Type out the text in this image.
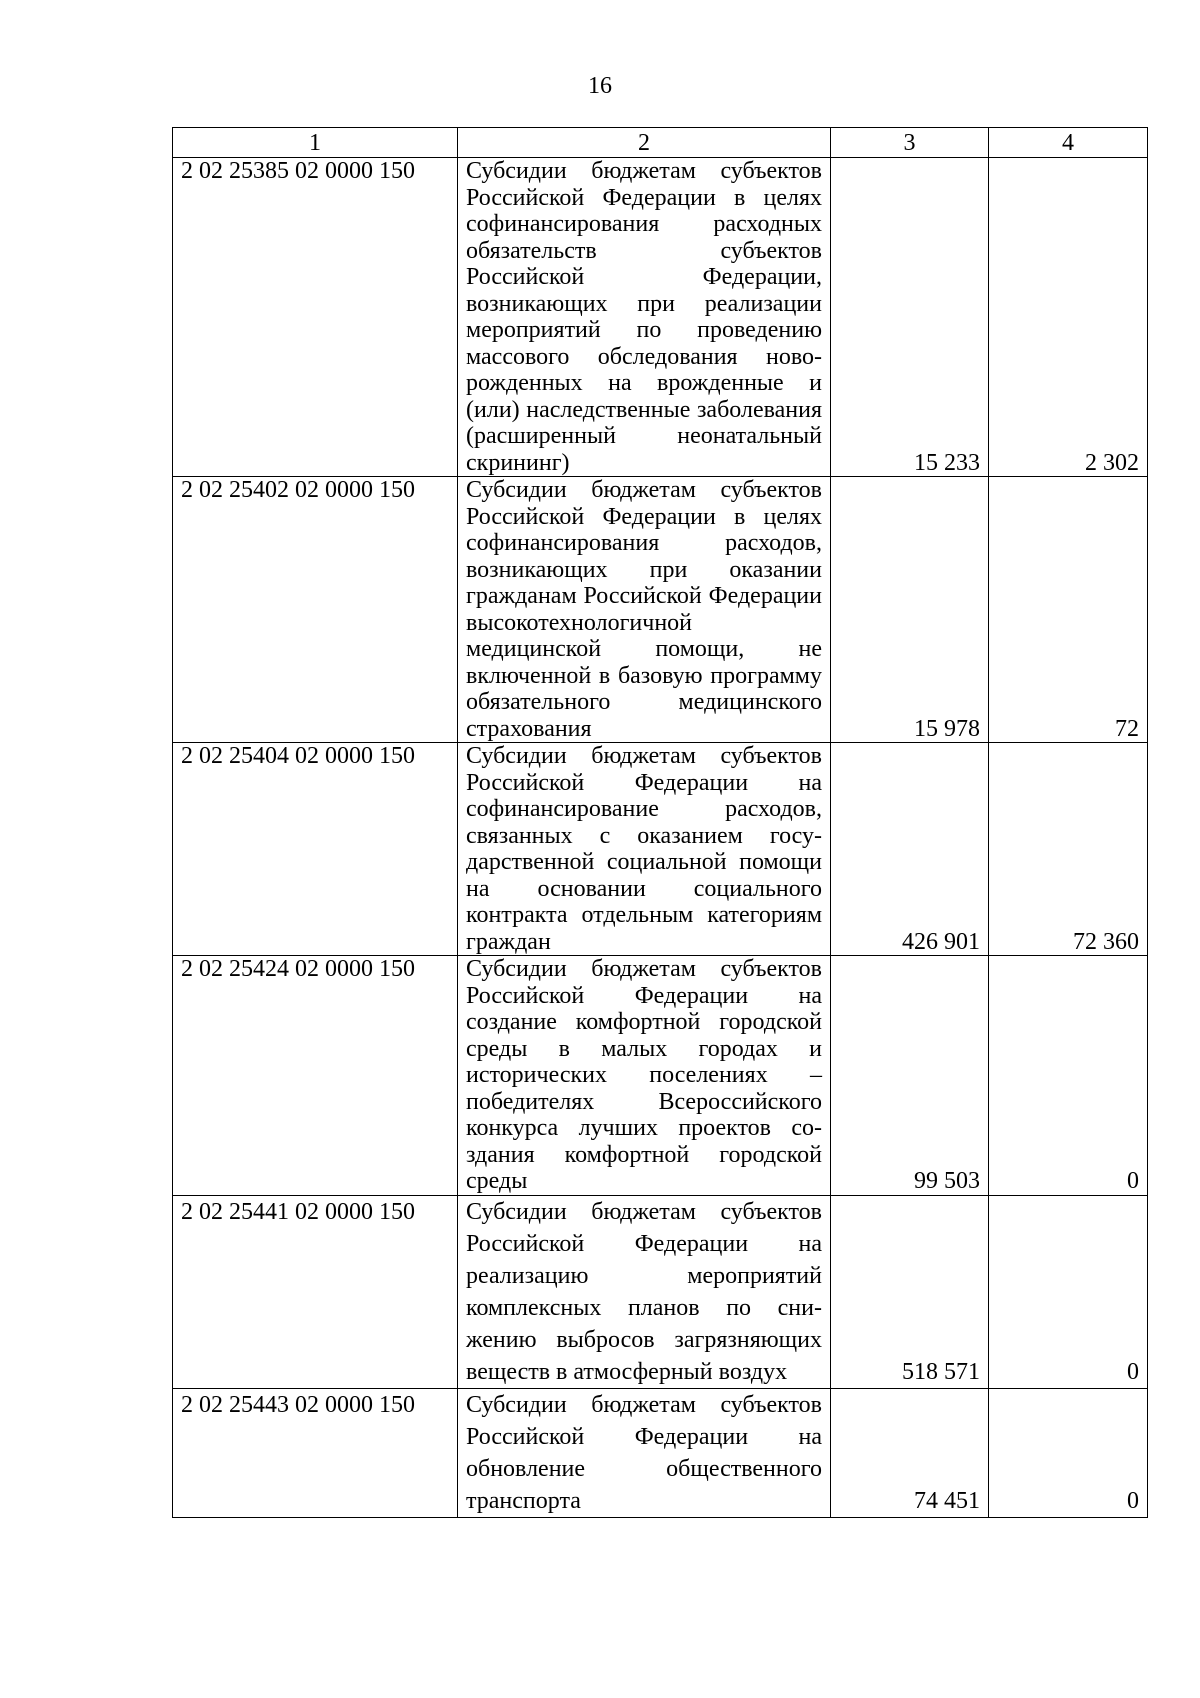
16
1	2	3	4
2 02 25385 02 0000 150	Субсидии бюджетам субъектов Российской Федерации в целях софинансирования расходных обязательств субъектов Российской Федерации, возникающих при реализации мероприятий по проведению массового обследования новорожденных на врожденные и (или) наследственные заболевания (расширенный неонатальный скрининг)	15 233	2 302
2 02 25402 02 0000 150	Субсидии бюджетам субъектов Российской Федерации в целях софинансирования расходов, возникающих при оказании гражданам Российской Федерации высокотехнологичной медицинской помощи, не включенной в базовую программу обязательного медицинского страхования	15 978	72
2 02 25404 02 0000 150	Субсидии бюджетам субъектов Российской Федерации на софинансирование расходов, связанных с оказанием государственной социальной помощи на основании социального контракта отдельным категориям граждан	426 901	72 360
2 02 25424 02 0000 150	Субсидии бюджетам субъектов Российской Федерации на создание комфортной городской среды в малых городах и исторических поселениях – победителях Всероссийского конкурса лучших проектов создания комфортной городской среды	99 503	0
2 02 25441 02 0000 150	Субсидии бюджетам субъектов Российской Федерации на реализацию мероприятий комплексных планов по снижению выбросов загрязняющих веществ в атмосферный воздух	518 571	0
2 02 25443 02 0000 150	Субсидии бюджетам субъектов Российской Федерации на обновление общественного транспорта	74 451	0
